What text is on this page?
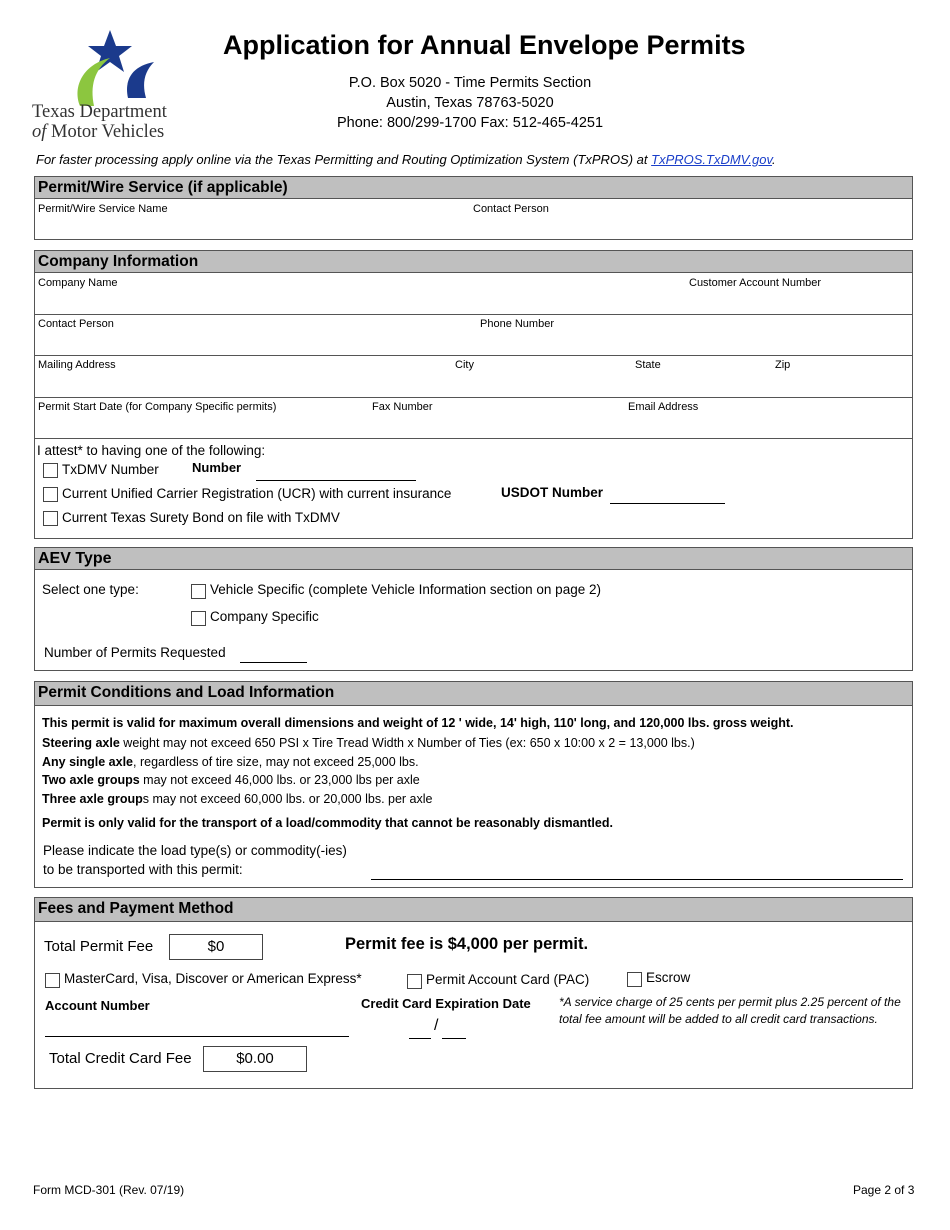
Texas Department
of Motor Vehicles
Application for Annual Envelope Permits
P.O. Box 5020 - Time Permits Section
Austin, Texas 78763-5020
Phone: 800/299-1700 Fax: 512-465-4251
For faster processing apply online via the Texas Permitting and Routing Optimization System (TxPROS) at TxPROS.TxDMV.gov.
Permit/Wire Service (if applicable)
Permit/Wire Service Name	Contact Person
Company Information
Company Name	Customer Account Number
Contact Person	Phone Number
Mailing Address	City	State	Zip
Permit Start Date (for Company Specific permits)	Fax Number	Email Address
I attest* to having one of the following:
TxDMV Number	Number
Current Unified Carrier Registration (UCR) with current insurance	USDOT Number
Current Texas Surety Bond on file with TxDMV
AEV Type
Select one type:	Vehicle Specific (complete Vehicle Information section on page 2)
Company Specific
Number of Permits Requested
Permit Conditions and Load Information
This permit is valid for maximum overall dimensions and weight of 12 ' wide, 14' high, 110' long, and 120,000 lbs. gross weight.
Steering axle weight may not exceed 650 PSI x Tire Tread Width x Number of Ties (ex: 650 x 10:00 x 2 = 13,000 lbs.)
Any single axle, regardless of tire size, may not exceed 25,000 lbs.
Two axle groups may not exceed 46,000 lbs. or 23,000 lbs per axle
Three axle groups may not exceed 60,000 lbs. or 20,000 lbs. per axle
Permit is only valid for the transport of a load/commodity that cannot be reasonably dismantled.
Please indicate the load type(s) or commodity(-ies)
to be transported with this permit:
Fees and Payment Method
Total Permit Fee	$0	Permit fee is $4,000 per permit.
MasterCard, Visa, Discover or American Express*	Permit Account Card (PAC)	Escrow
Account Number	Credit Card Expiration Date
/
*A service charge of 25 cents per permit plus 2.25 percent of the total fee amount will be added to all credit card transactions.
Total Credit Card Fee	$0.00
Form MCD-301 (Rev. 07/19)	Page 2 of 3
